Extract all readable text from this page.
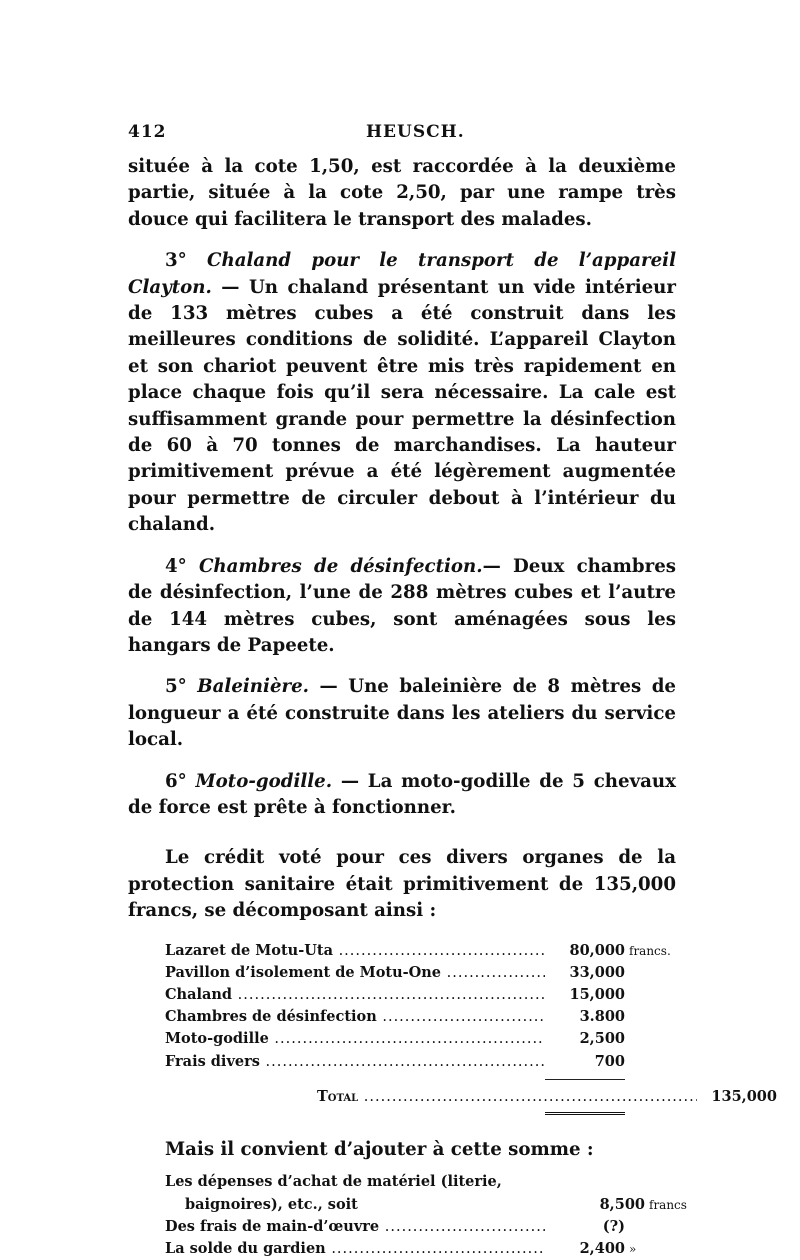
412	HEUSCH.

située à la cote 1,50, est raccordée à la deuxième partie, située à la cote 2,50, par une rampe très douce qui facilitera le transport des malades.

3° Chaland pour le transport de l’appareil Clayton. — Un chaland présentant un vide intérieur de 133 mètres cubes a été construit dans les meilleures conditions de solidité. L’appareil Clayton et son chariot peuvent être mis très rapidement en place chaque fois qu’il sera nécessaire. La cale est suffisamment grande pour permettre la désinfection de 60 à 70 tonnes de marchandises. La hauteur primitivement prévue a été légèrement augmentée pour permettre de circuler debout à l’intérieur du chaland.

4° Chambres de désinfection.— Deux chambres de désinfection, l’une de 288 mètres cubes et l’autre de 144 mètres cubes, sont aménagées sous les hangars de Papeete.

5° Baleinière. — Une baleinière de 8 mètres de longueur a été construite dans les ateliers du service local.

6° Moto-godille. — La moto-godille de 5 chevaux de force est prête à fonctionner.

Le crédit voté pour ces divers organes de la protection sanitaire était primitivement de 135,000 francs, se décomposant ainsi :

Lazaret de Motu-Uta .....	80,000 francs.
Pavillon d’isolement de Motu-One .....	33,000
Chaland .....	15,000
Chambres de désinfection .....	3.800
Moto-godille .....	2,500
Frais divers .....	700
Total .....	135,000

Mais il convient d’ajouter à cette somme :

Les dépenses d’achat de matériel (literie, baignoires), etc., soit	8,500 francs
Des frais de main-d’œuvre .....	(?)
La solde du gardien .....	2,400 »
